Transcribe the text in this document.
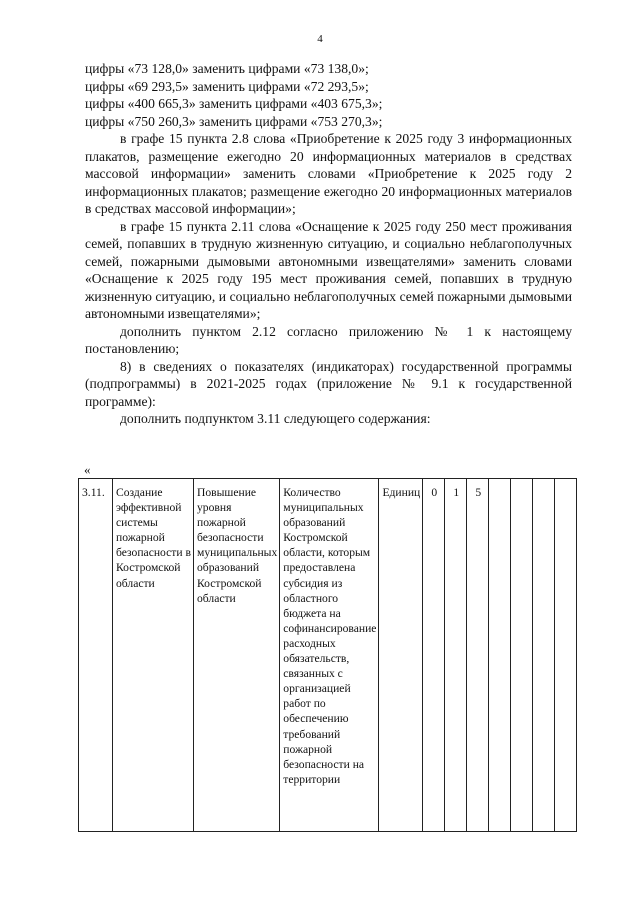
4

цифры «73 128,0» заменить цифрами «73 138,0»;

цифры «69 293,5» заменить цифрами «72 293,5»;

цифры «400 665,3» заменить цифрами «403 675,3»;

цифры «750 260,3» заменить цифрами «753 270,3»;

в графе 15 пункта 2.8 слова «Приобретение к 2025 году 3 информационных плакатов, размещение ежегодно 20 информационных материалов в средствах массовой информации» заменить словами «Приобретение к 2025 году 2 информационных плакатов; размещение ежегодно 20 информационных материалов в средствах массовой информации»;

в графе 15 пункта 2.11 слова «Оснащение к 2025 году 250 мест проживания семей, попавших в трудную жизненную ситуацию, и социально неблагополучных семей, пожарными дымовыми автономными извещателями» заменить словами «Оснащение к 2025 году 195 мест проживания семей, попавших в трудную жизненную ситуацию, и социально неблагополучных семей пожарными дымовыми автономными извещателями»;

дополнить пунктом 2.12 согласно приложению № 1 к настоящему постановлению;

8) в сведениях о показателях (индикаторах) государственной программы (подпрограммы) в 2021-2025 годах (приложение № 9.1 к государственной программе):

дополнить подпунктом 3.11 следующего содержания:

«
3.11.	Создание эффективной системы пожарной безопасности в Костромской области	Повышение уровня пожарной безопасности муниципальных образований Костромской области	Количество муниципальных образований Костромской области, которым предоставлена субсидия из областного бюджета на софинансирование расходных обязательств, связанных с организацией работ по обеспечению требований пожарной безопасности на территории	Единиц	0	1	5				
